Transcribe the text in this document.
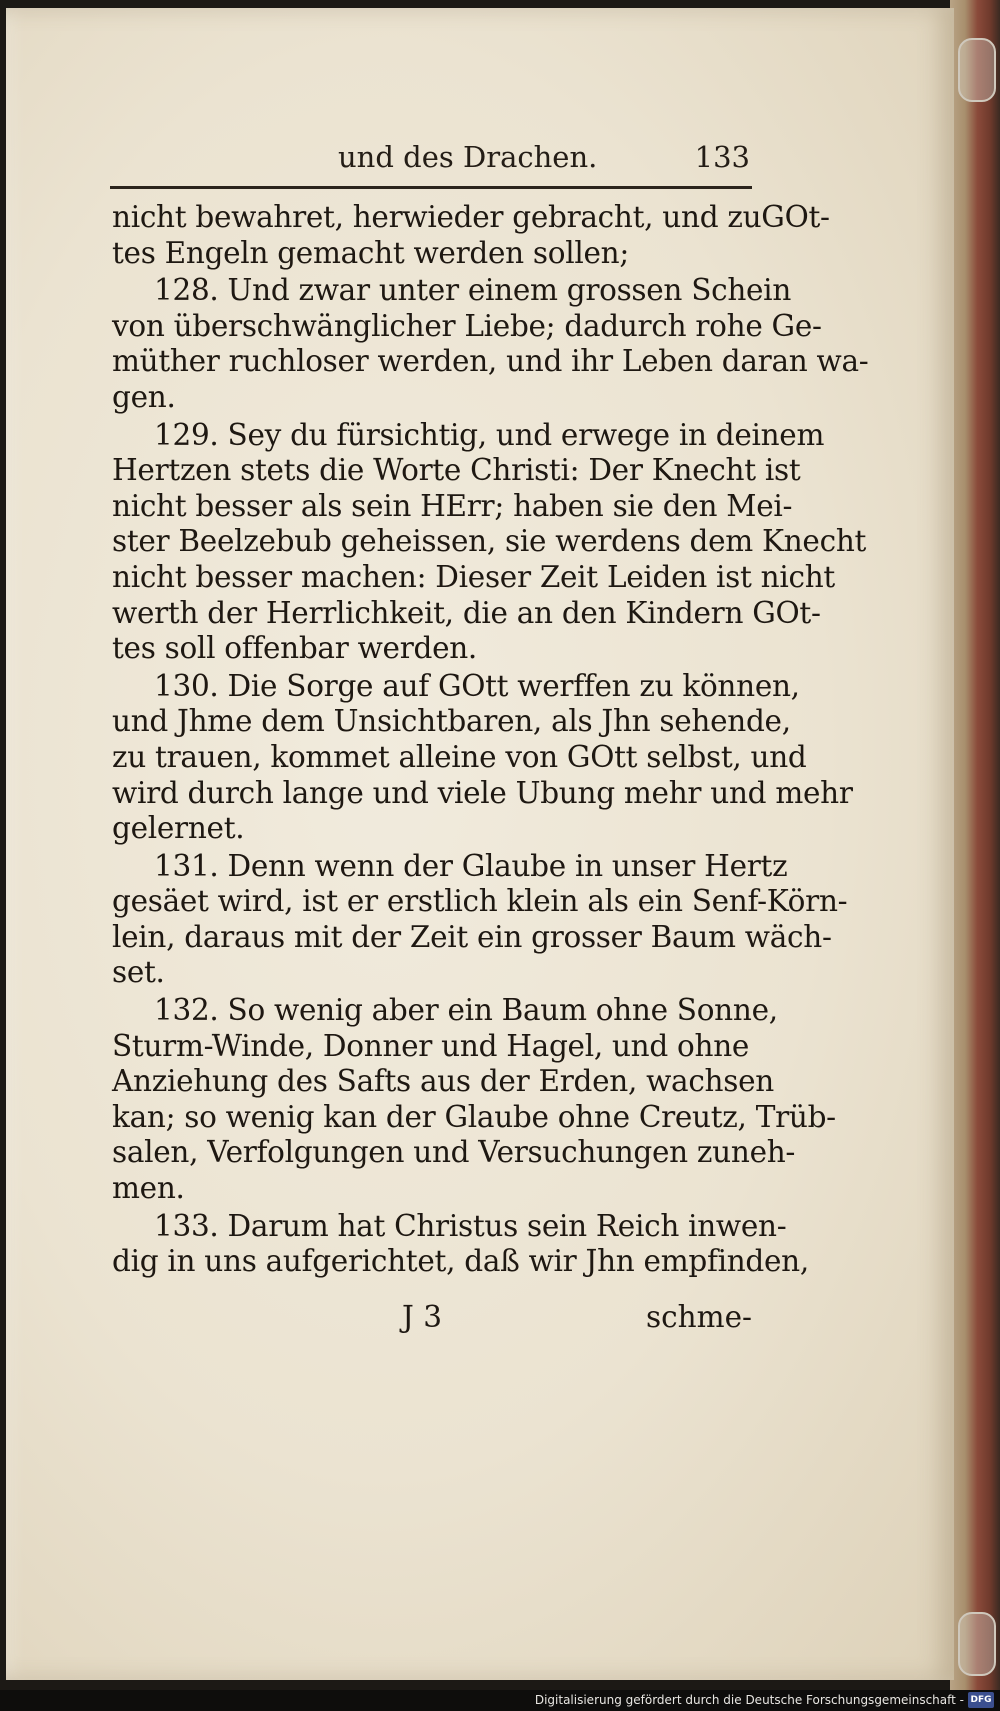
und des Drachen.	133
nicht bewahret, herwieder gebracht, und zuGOt-
tes Engeln gemacht werden sollen;
128. Und zwar unter einem grossen Schein
von überschwänglicher Liebe; dadurch rohe Ge-
müther ruchloser werden, und ihr Leben daran wa-
gen.
129. Sey du fürsichtig, und erwege in deinem
Hertzen stets die Worte Christi: Der Knecht ist
nicht besser als sein HErr; haben sie den Mei-
ster Beelzebub geheissen, sie werdens dem Knecht
nicht besser machen: Dieser Zeit Leiden ist nicht
werth der Herrlichkeit, die an den Kindern GOt-
tes soll offenbar werden.
130. Die Sorge auf GOtt werffen zu können,
und Jhme dem Unsichtbaren, als Jhn sehende,
zu trauen, kommet alleine von GOtt selbst, und
wird durch lange und viele Ubung mehr und mehr
gelernet.
131. Denn wenn der Glaube in unser Hertz
gesäet wird, ist er erstlich klein als ein Senf-Körn-
lein, daraus mit der Zeit ein grosser Baum wäch-
set.
132. So wenig aber ein Baum ohne Sonne,
Sturm-Winde, Donner und Hagel, und ohne
Anziehung des Safts aus der Erden, wachsen
kan; so wenig kan der Glaube ohne Creutz, Trüb-
salen, Verfolgungen und Versuchungen zuneh-
men.
133. Darum hat Christus sein Reich inwen-
dig in uns aufgerichtet, daß wir Jhn empfinden,
J 3	schme-
Digitalisierung gefördert durch die Deutsche Forschungsgemeinschaft - DFG
